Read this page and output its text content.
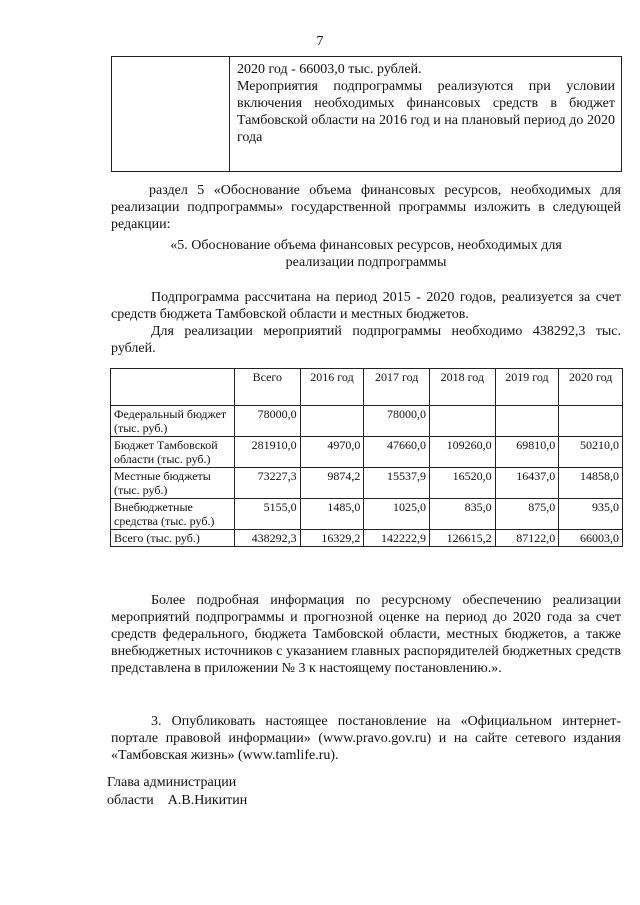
7
2020 год - 66003,0 тыс. рублей.
Мероприятия подпрограммы реализуются при условии включения необходимых финансовых средств в бюджет Тамбовской области на 2016 год и на плановый период до 2020 года
раздел 5 «Обоснование объема финансовых ресурсов, необходимых для реализации подпрограммы» государственной программы изложить в следующей редакции:
«5. Обоснование объема финансовых ресурсов, необходимых для
реализации подпрограммы
Подпрограмма рассчитана на период 2015 - 2020 годов, реализуется за счет средств бюджета Тамбовской области и местных бюджетов.
Для реализации мероприятий подпрограммы необходимо 438292,3 тыс. рублей.
	Всего	2016 год	2017 год	2018 год	2019 год	2020 год
Федеральный бюджет (тыс. руб.)	78000,0		78000,0			
Бюджет Тамбовской области (тыс. руб.)	281910,0	4970,0	47660,0	109260,0	69810,0	50210,0
Местные бюджеты (тыс. руб.)	73227,3	9874,2	15537,9	16520,0	16437,0	14858,0
Внебюджетные средства (тыс. руб.)	5155,0	1485,0	1025,0	835,0	875,0	935,0
Всего (тыс. руб.)	438292,3	16329,2	142222,9	126615,2	87122,0	66003,0
Более подробная информация по ресурсному обеспечению реализации мероприятий подпрограммы и прогнозной оценке на период до 2020 года за счет средств федерального, бюджета Тамбовской области, местных бюджетов, а также внебюджетных источников с указанием главных распорядителей бюджетных средств представлена в приложении № 3 к настоящему постановлению.».
3. Опубликовать настоящее постановление на «Официальном интернет-портале правовой информации» (www.pravo.gov.ru) и на сайте сетевого издания «Тамбовская жизнь» (www.tamlife.ru).
Глава администрации
области    А.В.Никитин
